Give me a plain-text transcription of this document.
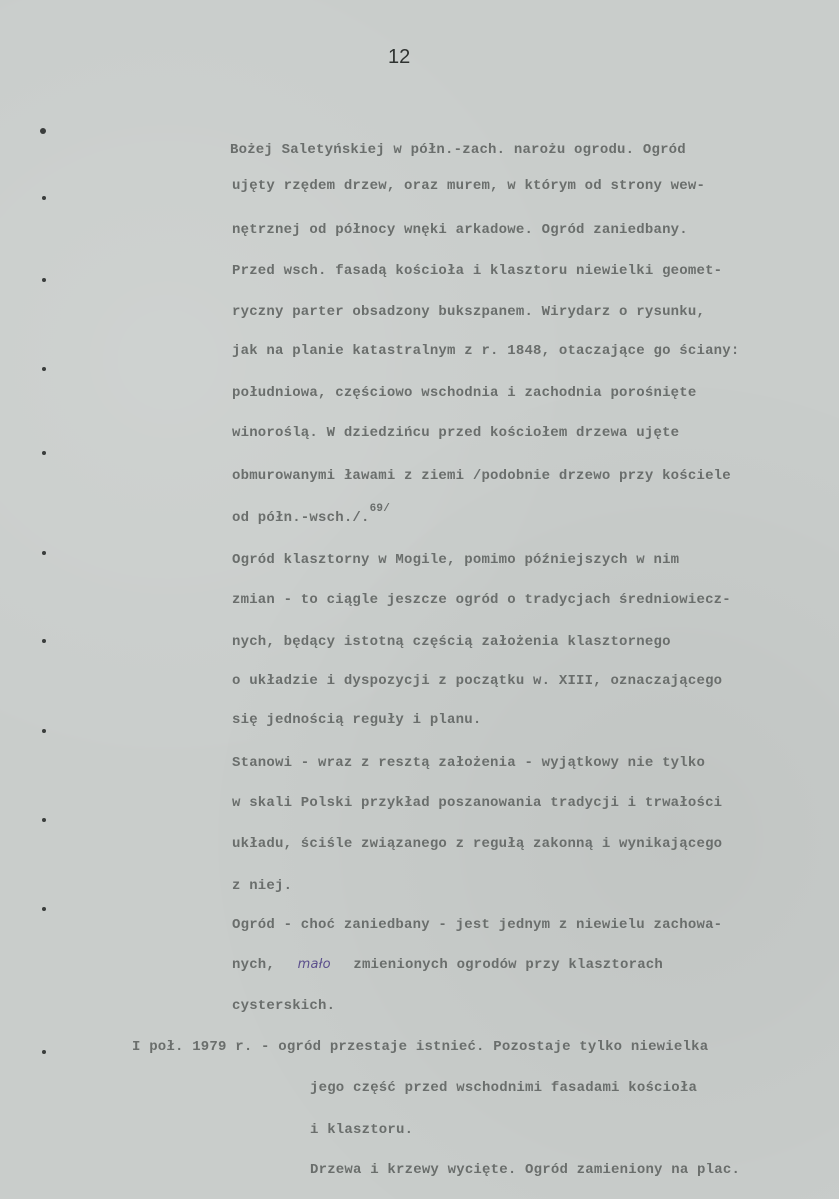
12
Bożej Saletyńskiej w półn.-zach. narożu ogrodu. Ogród
ujęty rzędem drzew, oraz murem, w którym od strony wew-
nętrznej od północy wnęki arkadowe. Ogród zaniedbany.
Przed wsch. fasadą kościoła i klasztoru niewielki geomet-
ryczny parter obsadzony bukszpanem. Wirydarz o rysunku,
jak na planie katastralnym z r. 1848, otaczające go ściany:
południowa, częściowo wschodnia i zachodnia porośnięte
winoroślą. W dziedzińcu przed kościołem drzewa ujęte
obmurowanymi ławami z ziemi /podobnie drzewo przy kościele
od półn.-wsch./.$^{69/}$
Ogród klasztorny w Mogile, pomimo późniejszych w nim
zmian - to ciągle jeszcze ogród o tradycjach średniowiecz-
nych, będący istotną częścią założenia klasztornego
o układzie i dyspozycji z początku w. XIII, oznaczającego
się jednością reguły i planu.
Stanowi - wraz z resztą założenia - wyjątkowy nie tylko
w skali Polski przykład poszanowania tradycji i trwałości
układu, ściśle związanego z regułą zakonną i wynikającego
z niej.
Ogród - choć zaniedbany - jest jednym z niewielu zachowa-
nych, mało zmienionych ogrodów przy klasztorach
cysterskich.
I poł. 1979 r. - ogród przestaje istnieć. Pozostaje tylko niewielka
jego część przed wschodnimi fasadami kościoła
i klasztoru.
Drzewa i krzewy wycięte. Ogród zamieniony na plac.
